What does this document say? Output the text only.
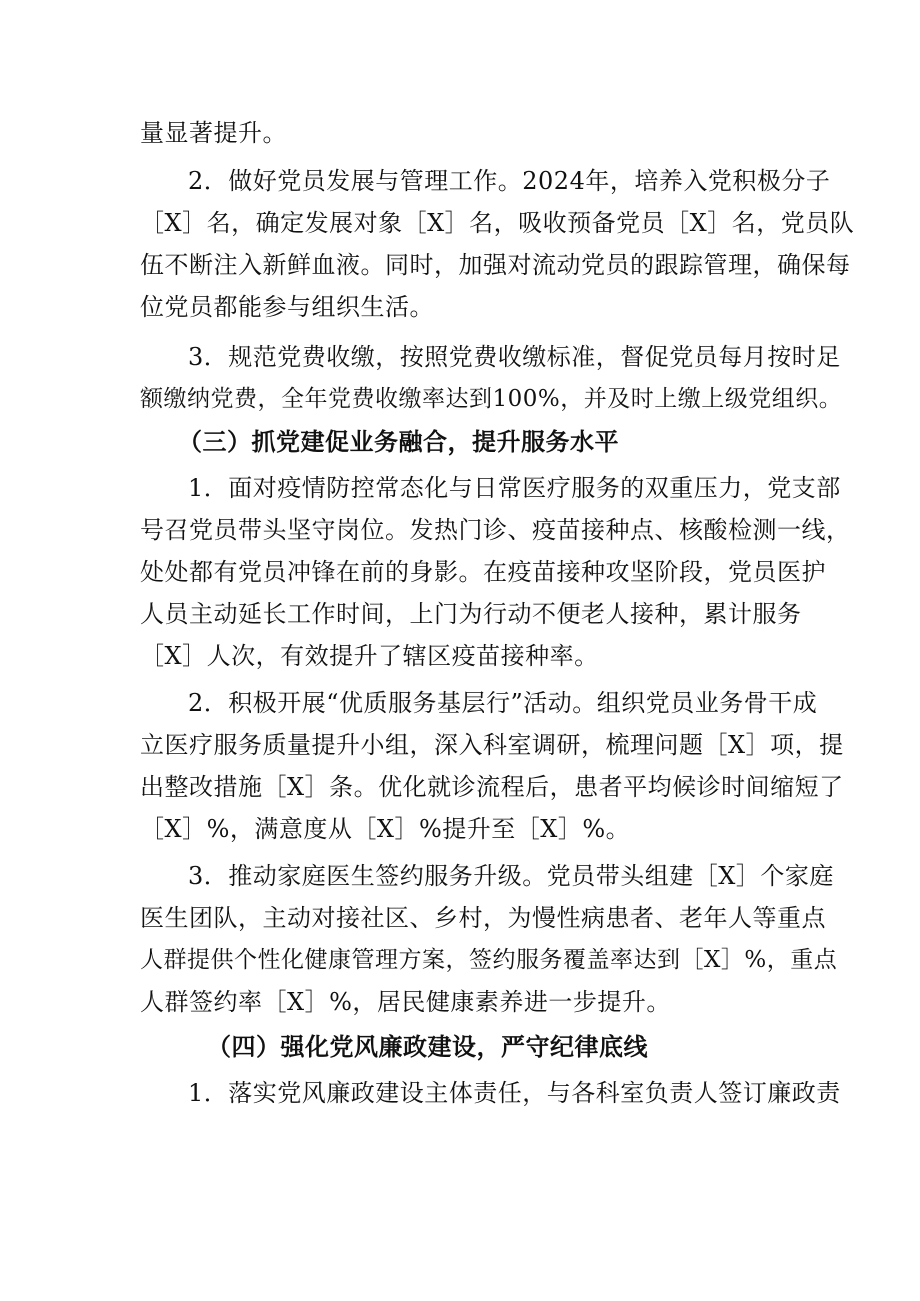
量显著提升。
2．做好党员发展与管理工作。2024年，培养入党积极分子
［X］名，确定发展对象［X］名，吸收预备党员［X］名，党员队
伍不断注入新鲜血液。同时，加强对流动党员的跟踪管理，确保每
位党员都能参与组织生活。
3．规范党费收缴，按照党费收缴标准，督促党员每月按时足
额缴纳党费，全年党费收缴率达到100%，并及时上缴上级党组织。
（三）抓党建促业务融合，提升服务水平
1．面对疫情防控常态化与日常医疗服务的双重压力，党支部
号召党员带头坚守岗位。发热门诊、疫苗接种点、核酸检测一线，
处处都有党员冲锋在前的身影。在疫苗接种攻坚阶段，党员医护
人员主动延长工作时间，上门为行动不便老人接种，累计服务
［X］人次，有效提升了辖区疫苗接种率。
2．积极开展“优质服务基层行”活动。组织党员业务骨干成
立医疗服务质量提升小组，深入科室调研，梳理问题［X］项，提
出整改措施［X］条。优化就诊流程后，患者平均候诊时间缩短了
［X］%，满意度从［X］%提升至［X］%。
3．推动家庭医生签约服务升级。党员带头组建［X］个家庭
医生团队，主动对接社区、乡村，为慢性病患者、老年人等重点
人群提供个性化健康管理方案，签约服务覆盖率达到［X］%，重点
人群签约率［X］%，居民健康素养进一步提升。
（四）强化党风廉政建设，严守纪律底线
1．落实党风廉政建设主体责任，与各科室负责人签订廉政责
